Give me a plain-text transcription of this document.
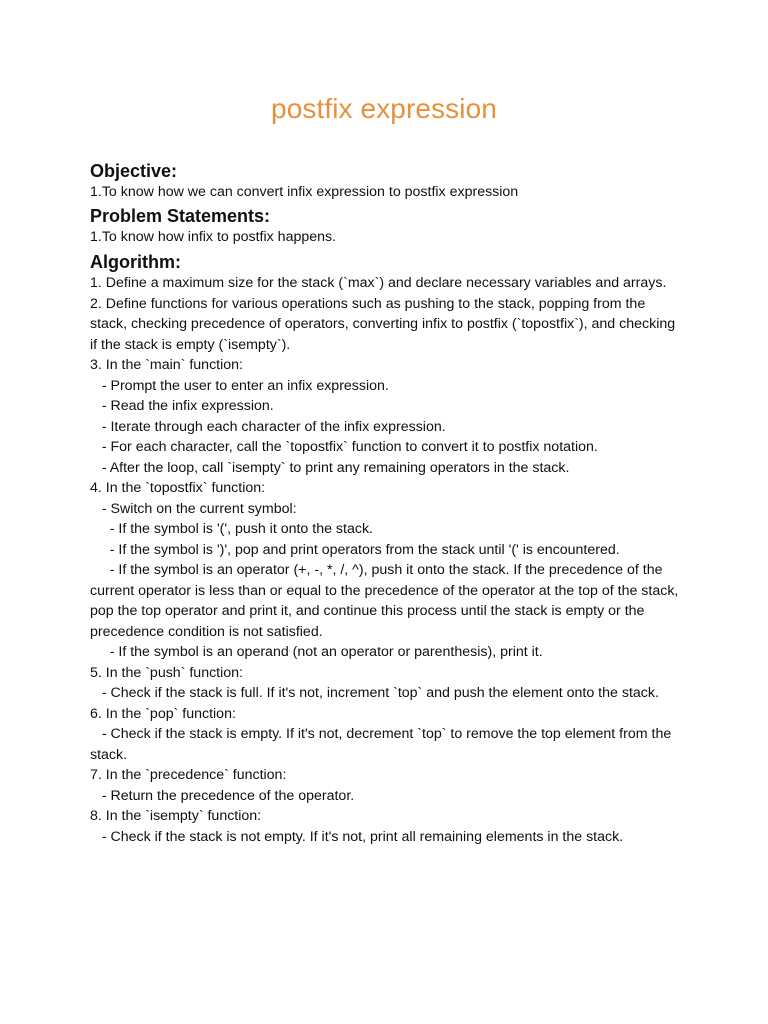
postfix expression
Objective:

1.To know how we can convert infix expression to postfix expression

Problem Statements:

1.To know how infix to postfix happens.

Algorithm:

1. Define a maximum size for the stack (`max`) and declare necessary variables and arrays.

2. Define functions for various operations such as pushing to the stack, popping from the stack, checking precedence of operators, converting infix to postfix (`topostfix`), and checking if the stack is empty (`isempty`).

3. In the `main` function:

- Prompt the user to enter an infix expression.

- Read the infix expression.

- Iterate through each character of the infix expression.

- For each character, call the `topostfix` function to convert it to postfix notation.

- After the loop, call `isempty` to print any remaining operators in the stack.

4. In the `topostfix` function:

- Switch on the current symbol:

- If the symbol is '(', push it onto the stack.

- If the symbol is ')', pop and print operators from the stack until '(' is encountered.

- If the symbol is an operator (+, -, *, /, ^), push it onto the stack. If the precedence of the current operator is less than or equal to the precedence of the operator at the top of the stack, pop the top operator and print it, and continue this process until the stack is empty or the precedence condition is not satisfied.

- If the symbol is an operand (not an operator or parenthesis), print it.

5. In the `push` function:

- Check if the stack is full. If it's not, increment `top` and push the element onto the stack.

6. In the `pop` function:

- Check if the stack is empty. If it's not, decrement `top` to remove the top element from the stack.

7. In the `precedence` function:

- Return the precedence of the operator.

8. In the `isempty` function:

- Check if the stack is not empty. If it's not, print all remaining elements in the stack.
